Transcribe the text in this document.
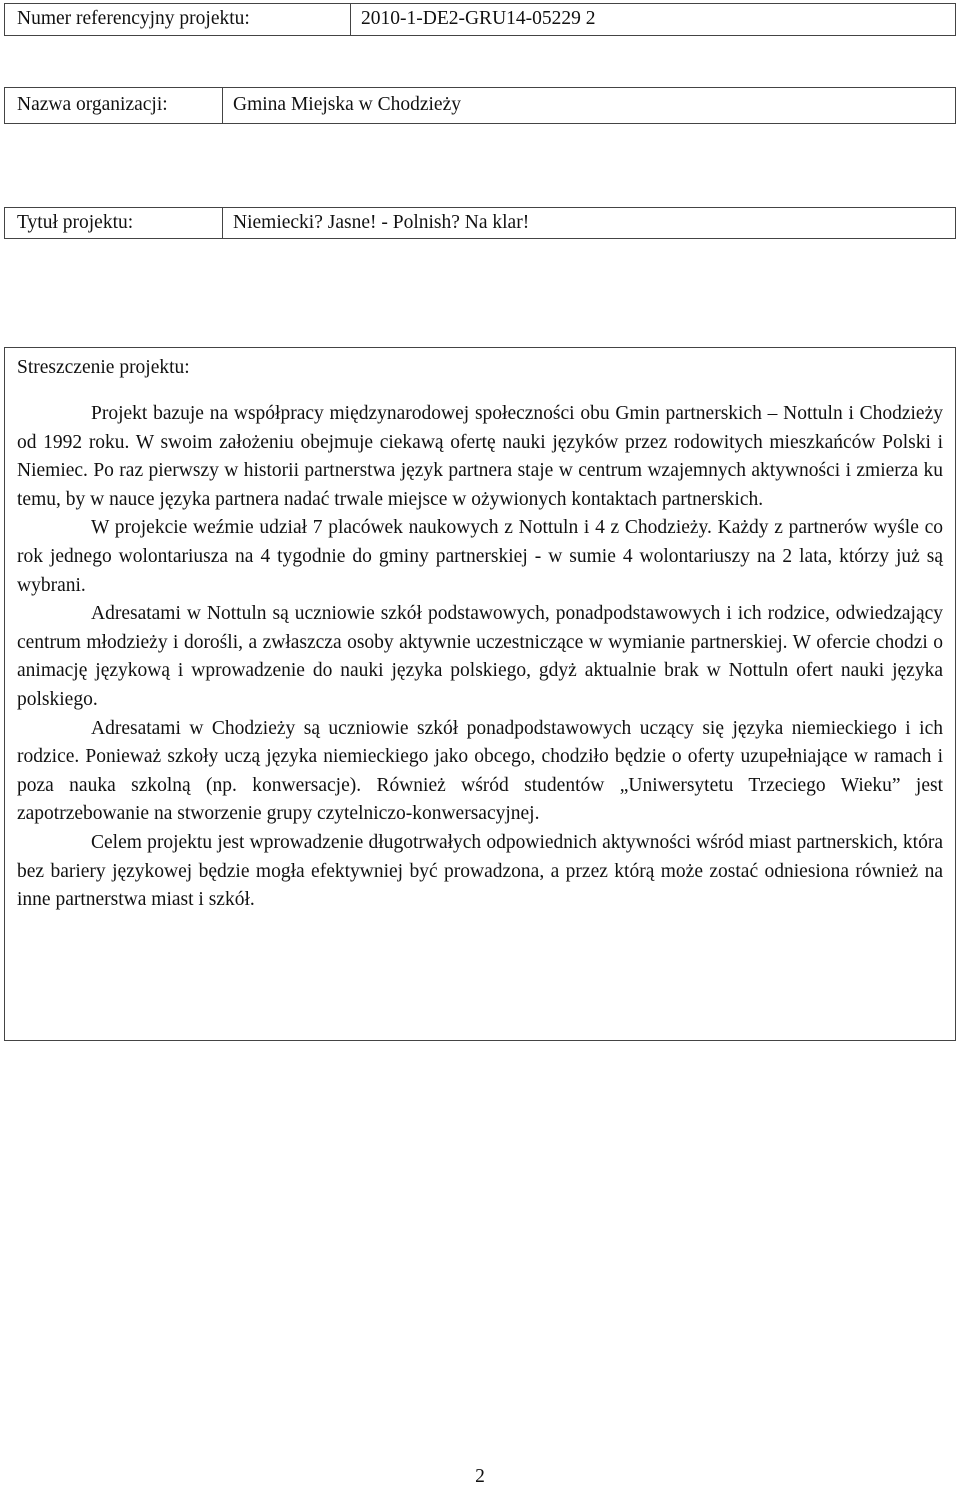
Numer referencyjny projektu:	2010-1-DE2-GRU14-05229 2
Nazwa organizacji:	Gmina Miejska w Chodzieży
Tytuł projektu:	Niemiecki? Jasne! - Polnish? Na klar!
Streszczenie projektu:

Projekt bazuje na współpracy międzynarodowej społeczności obu Gmin partnerskich – Nottuln i Chodzieży od 1992 roku. W swoim założeniu obejmuje ciekawą ofertę nauki języków przez rodowitych mieszkańców Polski i Niemiec. Po raz pierwszy w historii partnerstwa język partnera staje w centrum wzajemnych aktywności i zmierza ku temu, by w nauce języka partnera nadać trwale miejsce w ożywionych kontaktach partnerskich.

W projekcie weźmie udział 7 placówek naukowych z Nottuln i 4 z Chodzieży. Każdy z partnerów wyśle co rok jednego wolontariusza na 4 tygodnie do gminy partnerskiej - w sumie 4 wolontariuszy na 2 lata, którzy już są wybrani.

Adresatami w Nottuln są uczniowie szkół podstawowych, ponadpodstawowych i ich rodzice, odwiedzający centrum młodzieży i dorośli, a zwłaszcza osoby aktywnie uczestniczące w wymianie partnerskiej. W ofercie chodzi o animację językową i wprowadzenie do nauki języka polskiego, gdyż aktualnie brak w Nottuln ofert nauki języka polskiego.

Adresatami w Chodzieży są uczniowie szkół ponadpodstawowych uczący się języka niemieckiego i ich rodzice. Ponieważ szkoły uczą języka niemieckiego jako obcego, chodziło będzie o oferty uzupełniające w ramach i poza nauka szkolną (np. konwersacje). Również wśród studentów „Uniwersytetu Trzeciego Wieku” jest zapotrzebowanie na stworzenie grupy czytelniczo-konwersacyjnej.

Celem projektu jest wprowadzenie długotrwałych odpowiednich aktywności wśród miast partnerskich, która bez bariery językowej będzie mogła efektywniej być prowadzona, a przez którą może zostać odniesiona również na inne partnerstwa miast i szkół.

2
